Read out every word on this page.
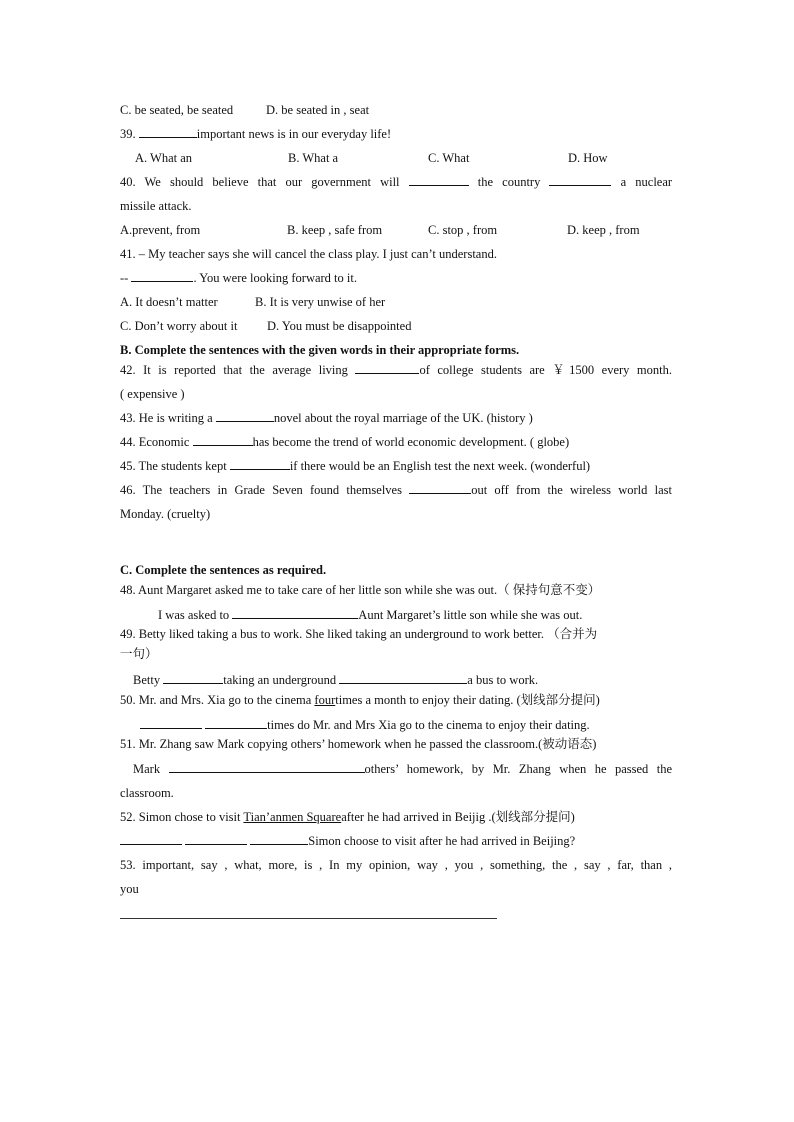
C. be seated, be seated	D. be seated in , seat
39.	important news is in our everyday life!
A. What an	B. What a	C. What	D. How
40. We should believe that our government will	the country	a nuclear
missile attack.
A.prevent, from	B. keep , safe from	C. stop , from	D. keep , from
41. – My teacher says she will cancel the class play. I just can’t understand.
--	. You were looking forward to it.
A. It doesn’t matter	B. It is very unwise of her
C. Don’t worry about it D. You must be disappointed
B. Complete the sentences with the given words in their appropriate forms.
42. It is reported that the average living	of college students are ￥1500 every month.
( expensive )
43. He is writing a	novel about the royal marriage of the UK. (history )
44. Economic	has become the trend of world economic development. ( globe)
45. The students kept	if there would be an English test the next week. (wonderful)
46. The teachers in Grade Seven found themselves	out off from the wireless world last
Monday. (cruelty)
C. Complete the sentences as required.
48. Aunt Margaret asked me to take care of her little son while she was out.（ 保持句意不变）
I was asked to	Aunt Margaret’s little son while she was out.
49. Betty liked taking a bus to work. She liked taking an underground to work better. （合并为
一句）
Betty	taking an underground	a bus to work.
50. Mr. and Mrs. Xia go to the cinema fourtimes a month to enjoy their dating. (划线部分提问)
times do Mr. and Mrs Xia go to the cinema to enjoy their dating.
51. Mr. Zhang saw Mark copying others’ homework when he passed the classroom.(被动语态)
Mark	others’ homework, by Mr. Zhang when he passed the
classroom.
52. Simon chose to visit Tian’anmen Squareafter he had arrived in Beijig .(划线部分提问)
Simon choose to visit after he had arrived in Beijing?
53. important, say , what, more, is , In my opinion, way , you , something, the , say , far, than ,
you
